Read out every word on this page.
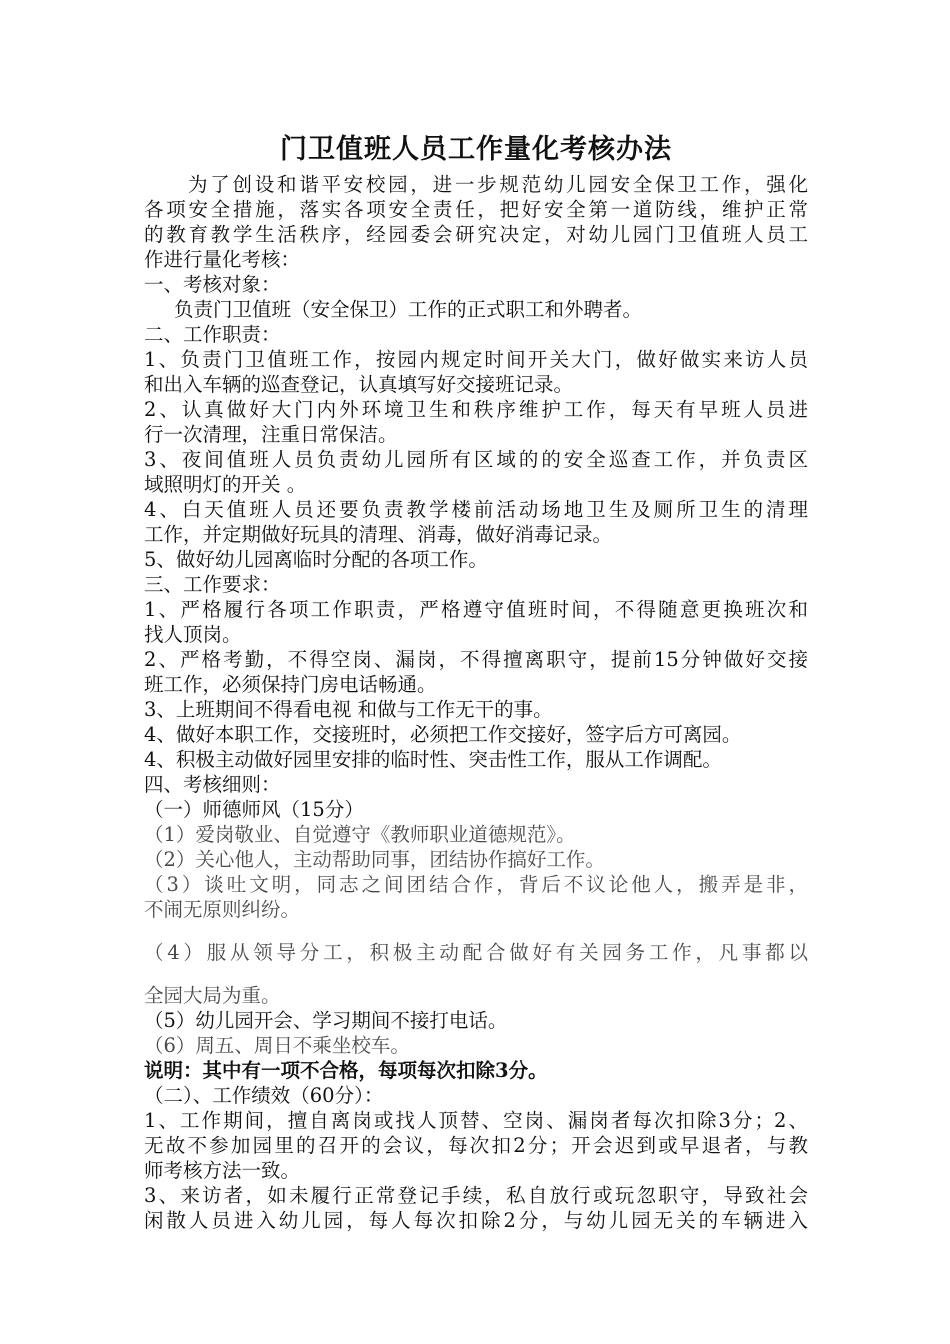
门卫值班人员工作量化考核办法
为了创设和谐平安校园，进一步规范幼儿园安全保卫工作，强化
各项安全措施，落实各项安全责任，把好安全第一道防线，维护正常
的教育教学生活秩序，经园委会研究决定，对幼儿园门卫值班人员工
作进行量化考核：
一、考核对象：
负责门卫值班（安全保卫）工作的正式职工和外聘者。
二、工作职责：
1、负责门卫值班工作，按园内规定时间开关大门，做好做实来访人员
和出入车辆的巡查登记，认真填写好交接班记录。
2、认真做好大门内外环境卫生和秩序维护工作，每天有早班人员进
行一次清理，注重日常保洁。
3、夜间值班人员负责幼儿园所有区域的的安全巡查工作，并负责区
域照明灯的开关 。
4、白天值班人员还要负责教学楼前活动场地卫生及厕所卫生的清理
工作，并定期做好玩具的清理、消毒，做好消毒记录。
5、做好幼儿园离临时分配的各项工作。
三、工作要求：
1、严格履行各项工作职责，严格遵守值班时间，不得随意更换班次和
找人顶岗。
2、严格考勤，不得空岗、漏岗，不得擅离职守，提前15分钟做好交接
班工作，必须保持门房电话畅通。
3、上班期间不得看电视 和做与工作无干的事。
4、做好本职工作，交接班时，必须把工作交接好，签字后方可离园。
4、积极主动做好园里安排的临时性、突击性工作，服从工作调配。
四、考核细则：
（一）师德师风（15分）
（1）爱岗敬业、自觉遵守《教师职业道德规范》。
（2）关心他人，主动帮助同事，团结协作搞好工作。
（3）谈吐文明，同志之间团结合作，背后不议论他人，搬弄是非，
不闹无原则纠纷。
（4）服从领导分工，积极主动配合做好有关园务工作，凡事都以
全园大局为重。
（5）幼儿园开会、学习期间不接打电话。
（6）周五、周日不乘坐校车。
说明：其中有一项不合格，每项每次扣除3分。
（二）、工作绩效（60分）：
1、工作期间，擅自离岗或找人顶替、空岗、漏岗者每次扣除3分；2、
无故不参加园里的召开的会议，每次扣2分；开会迟到或早退者，与教
师考核方法一致。
3、来访者，如未履行正常登记手续，私自放行或玩忽职守，导致社会
闲散人员进入幼儿园，每人每次扣除2分，与幼儿园无关的车辆进入
